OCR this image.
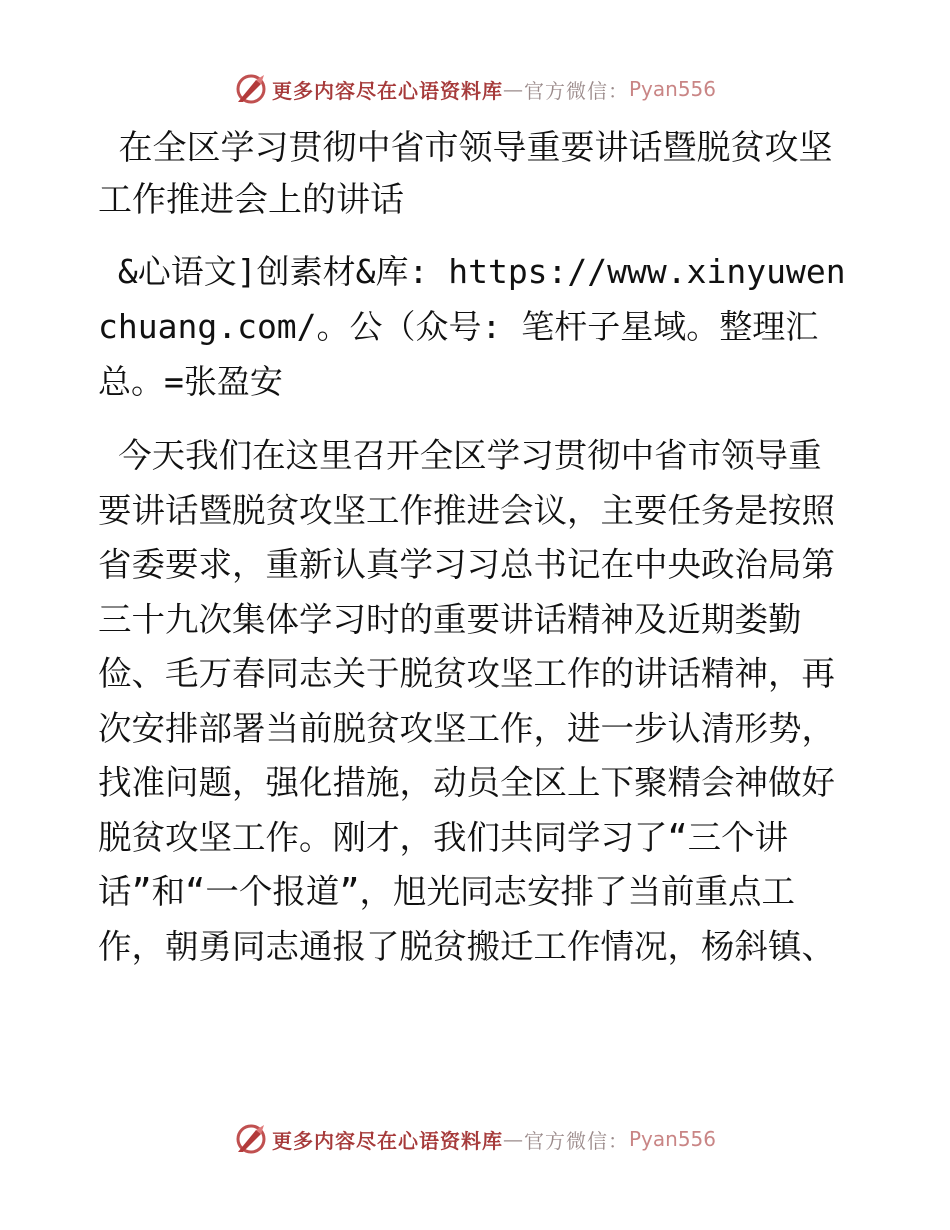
更多内容尽在心语资料库 — 官方微信： Pyan556

在全区学习贯彻中省市领导重要讲话暨脱贫攻坚工作推进会上的讲话

&心语文]创素材&库: https://www.xinyuwenchuang.com/。公（众号: 笔杆子星域。整理汇总。=张盈安

今天我们在这里召开全区学习贯彻中省市领导重要讲话暨脱贫攻坚工作推进会议，主要任务是按照省委要求，重新认真学习习总书记在中央政治局第三十九次集体学习时的重要讲话精神及近期娄勤俭、毛万春同志关于脱贫攻坚工作的讲话精神，再次安排部署当前脱贫攻坚工作，进一步认清形势，找准问题，强化措施，动员全区上下聚精会神做好脱贫攻坚工作。刚才，我们共同学习了“三个讲话”和“一个报道”，旭光同志安排了当前重点工作，朝勇同志通报了脱贫搬迁工作情况，杨斜镇、

更多内容尽在心语资料库 — 官方微信： Pyan556
